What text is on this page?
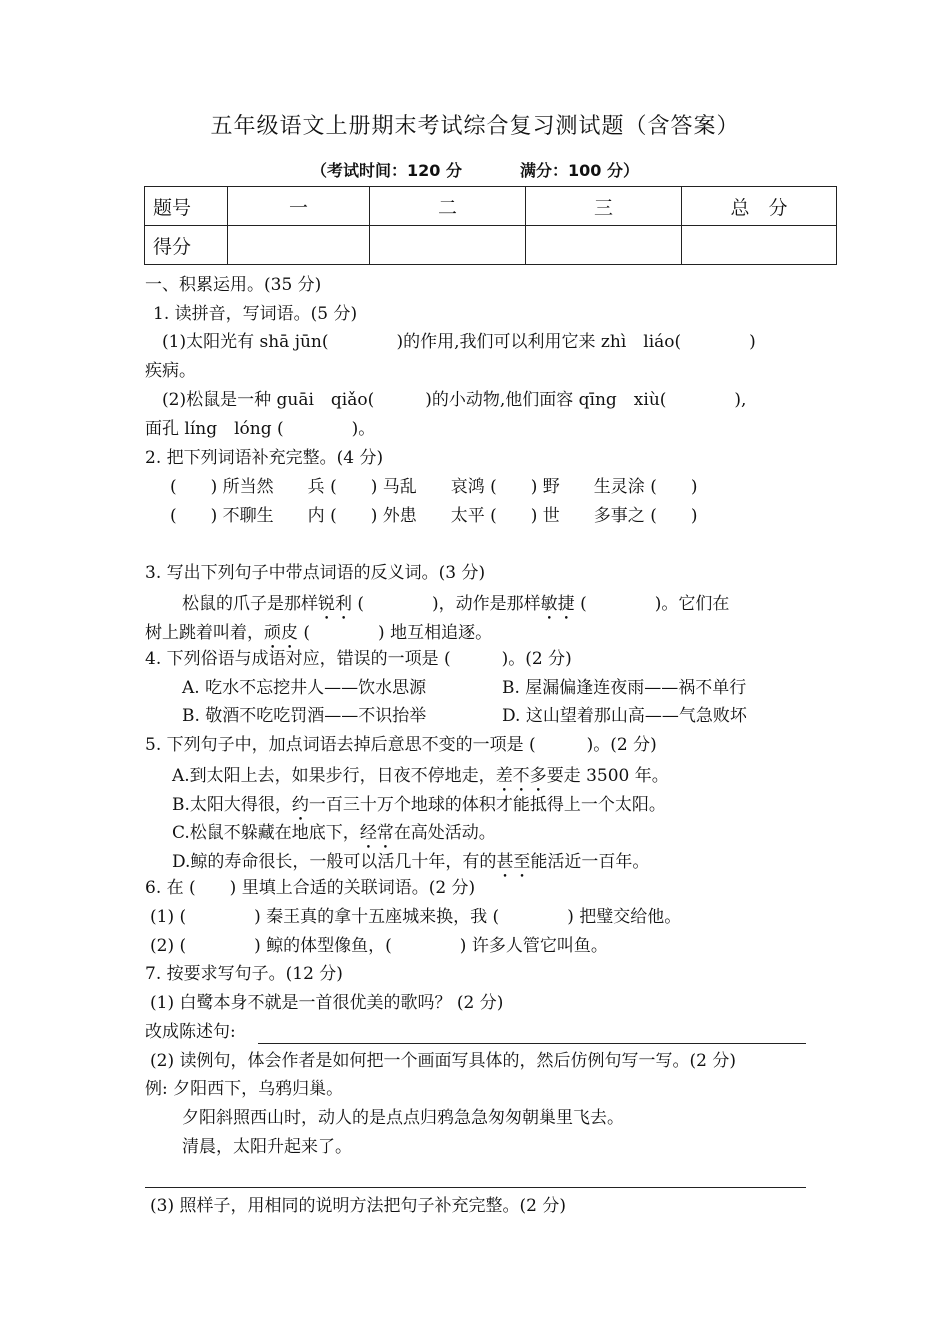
五年级语文上册期末考试综合复习测试题（含答案）
（考试时间：120 分	满分：100 分）
题号	一	二	三	总　分
得分				
一、积累运用。(35 分)
1. 读拼音，写词语。(5 分)
(1)太阳光有 shā jūn(　　　　)的作用,我们可以利用它来 zhì　liáo(　　　　)
疾病。
(2)松鼠是一种 guāi　qiǎo(　　　)的小动物,他们面容 qīng　xiù(　　　　),
面孔 líng　lóng (　　　　)。
2. 把下列词语补充完整。(4 分)
(　　) 所当然　　兵 (　　) 马乱　　哀鸿 (　　) 野　　生灵涂 (　　)
(　　) 不聊生　　内 (　　) 外患　　太平 (　　) 世　　多事之 (　　)
3. 写出下列句子中带点词语的反义词。(3 分)
松鼠的爪子是那样锐利 (　　　　)，动作是那样敏捷 (　　　　)。它们在
树上跳着叫着，顽皮 (　　　　) 地互相追逐。
4. 下列俗语与成语对应，错误的一项是 (　　　)。(2 分)
A. 吃水不忘挖井人——饮水思源	B. 屋漏偏逢连夜雨——祸不单行
B. 敬酒不吃吃罚酒——不识抬举	D. 这山望着那山高——气急败坏
5. 下列句子中，加点词语去掉后意思不变的一项是 (　　　)。(2 分)
A.到太阳上去，如果步行，日夜不停地走，差不多要走 3500 年。
B.太阳大得很，约一百三十万个地球的体积才能抵得上一个太阳。
C.松鼠不躲藏在地底下，经常在高处活动。
D.鲸的寿命很长，一般可以活几十年，有的甚至能活近一百年。
6. 在 (　　) 里填上合适的关联词语。(2 分)
(1) (　　　　) 秦王真的拿十五座城来换，我 (　　　　) 把璧交给他。
(2) (　　　　) 鲸的体型像鱼，(　　　　) 许多人管它叫鱼。
7. 按要求写句子。(12 分)
(1) 白鹭本身不就是一首很优美的歌吗？ (2 分)
改成陈述句:
(2) 读例句，体会作者是如何把一个画面写具体的，然后仿例句写一写。(2 分)
例: 夕阳西下，乌鸦归巢。
夕阳斜照西山时，动人的是点点归鸦急急匆匆朝巢里飞去。
清晨，太阳升起来了。
(3) 照样子，用相同的说明方法把句子补充完整。(2 分)
